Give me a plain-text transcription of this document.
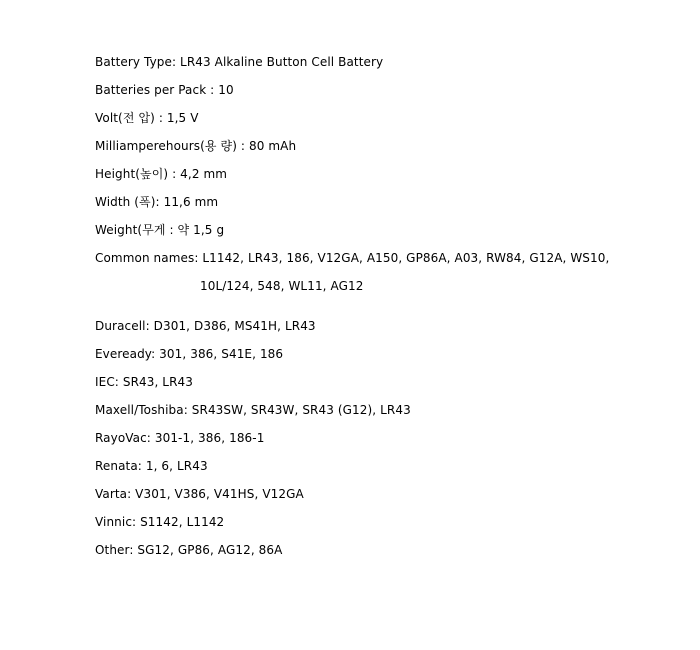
Battery Type: LR43 Alkaline Button Cell Battery
Batteries per Pack : 10
Volt(전 압) : 1,5 V
Milliamperehours(용 량) : 80 mAh
Height(높이) : 4,2 mm
Width (폭): 11,6 mm
Weight(무게 : 약 1,5 g
Common names: L1142, LR43, 186, V12GA, A150, GP86A, A03, RW84, G12A, WS10,
10L/124, 548, WL11, AG12
Duracell: D301, D386, MS41H, LR43
Eveready: 301, 386, S41E, 186
IEC: SR43, LR43
Maxell/Toshiba: SR43SW, SR43W, SR43 (G12), LR43
RayoVac: 301-1, 386, 186-1
Renata: 1, 6, LR43
Varta: V301, V386, V41HS, V12GA
Vinnic: S1142, L1142
Other: SG12, GP86, AG12, 86A
